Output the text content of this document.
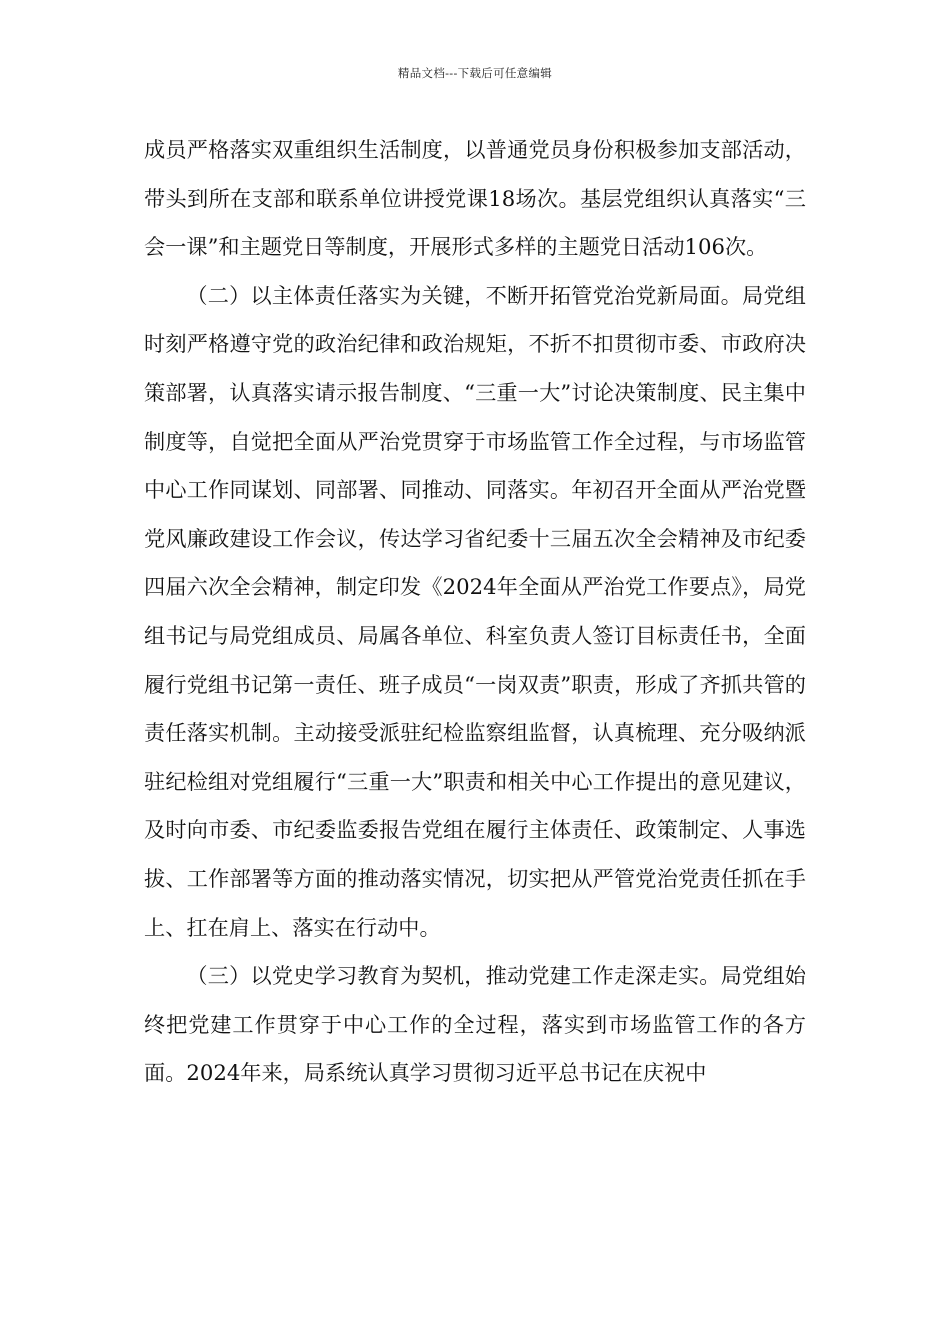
精品文档---下载后可任意编辑

成员严格落实双重组织生活制度，以普通党员身份积极参加支部活动，带头到所在支部和联系单位讲授党课18场次。基层党组织认真落实“三会一课”和主题党日等制度，开展形式多样的主题党日活动106次。

（二）以主体责任落实为关键，不断开拓管党治党新局面。局党组时刻严格遵守党的政治纪律和政治规矩，不折不扣贯彻市委、市政府决策部署，认真落实请示报告制度、“三重一大”讨论决策制度、民主集中制度等，自觉把全面从严治党贯穿于市场监管工作全过程，与市场监管中心工作同谋划、同部署、同推动、同落实。年初召开全面从严治党暨党风廉政建设工作会议，传达学习省纪委十三届五次全会精神及市纪委四届六次全会精神，制定印发《2024年全面从严治党工作要点》，局党组书记与局党组成员、局属各单位、科室负责人签订目标责任书，全面履行党组书记第一责任、班子成员“一岗双责”职责，形成了齐抓共管的责任落实机制。主动接受派驻纪检监察组监督，认真梳理、充分吸纳派驻纪检组对党组履行“三重一大”职责和相关中心工作提出的意见建议，及时向市委、市纪委监委报告党组在履行主体责任、政策制定、人事选拔、工作部署等方面的推动落实情况，切实把从严管党治党责任抓在手上、扛在肩上、落实在行动中。

（三）以党史学习教育为契机，推动党建工作走深走实。局党组始终把党建工作贯穿于中心工作的全过程，落实到市场监管工作的各方面。2024年来，局系统认真学习贯彻习近平总书记在庆祝中
